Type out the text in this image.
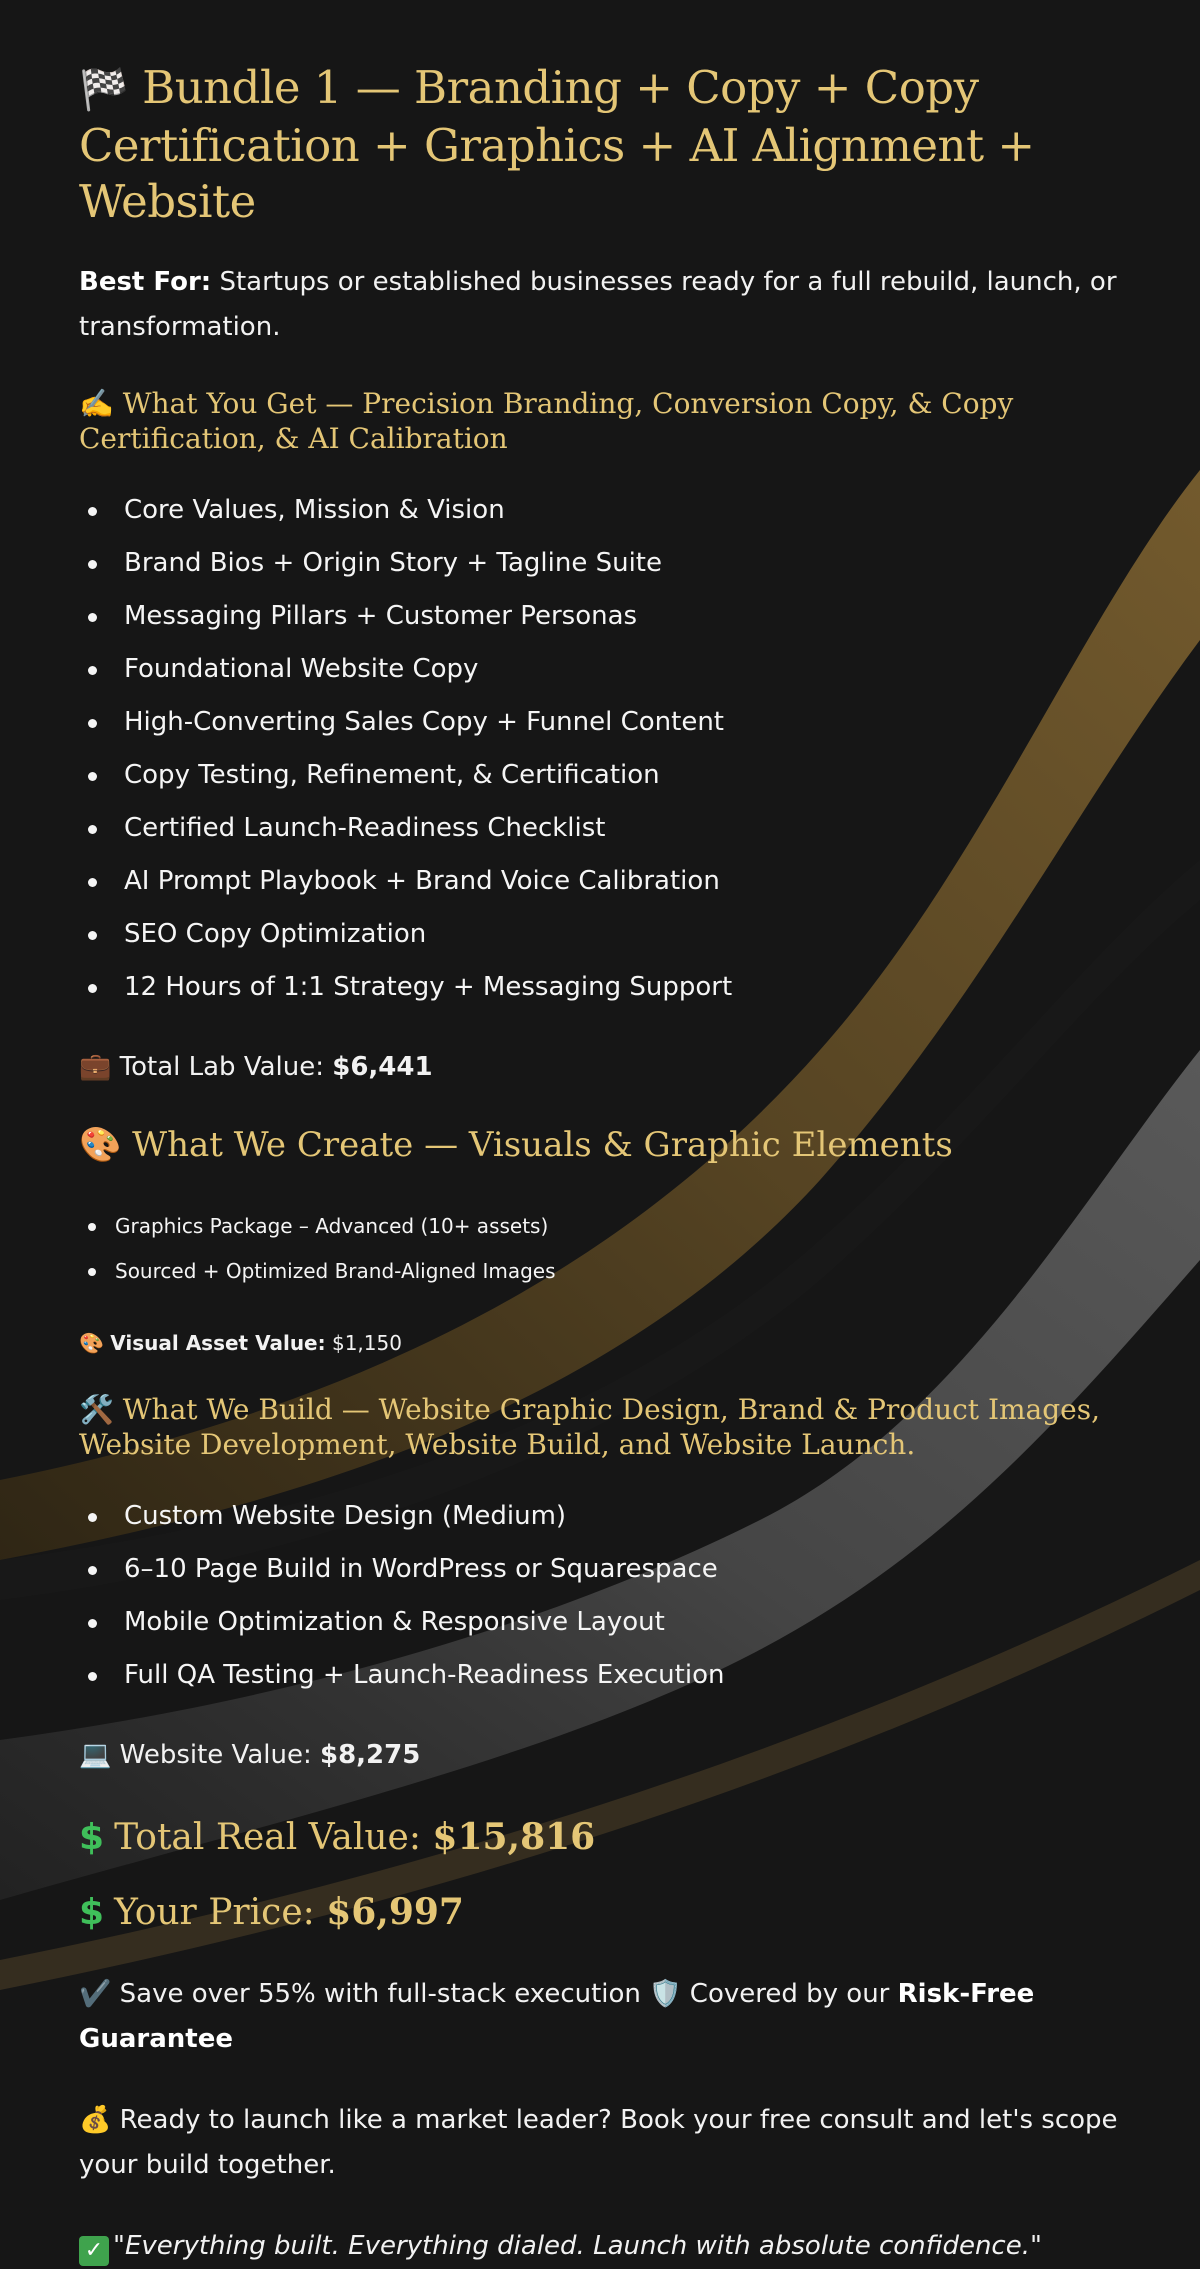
🏁 Bundle 1 — Branding + Copy + Copy Certification + Graphics + AI Alignment + Website

Best For: Startups or established businesses ready for a full rebuild, launch, or transformation.

✍️ What You Get — Precision Branding, Conversion Copy, & Copy Certification, & AI Calibration
Core Values, Mission & Vision
Brand Bios + Origin Story + Tagline Suite
Messaging Pillars + Customer Personas
Foundational Website Copy
High-Converting Sales Copy + Funnel Content
Copy Testing, Refinement, & Certification
Certified Launch-Readiness Checklist
AI Prompt Playbook + Brand Voice Calibration
SEO Copy Optimization
12 Hours of 1:1 Strategy + Messaging Support
💼 Total Lab Value: $6,441
🎨 What We Create — Visuals & Graphic Elements
Graphics Package – Advanced (10+ assets)
Sourced + Optimized Brand-Aligned Images
🎨 Visual Asset Value: $1,150
🛠️ What We Build — Website Graphic Design, Brand & Product Images, Website Development, Website Build, and Website Launch.
Custom Website Design (Medium)
6–10 Page Build in WordPress or Squarespace
Mobile Optimization & Responsive Layout
Full QA Testing + Launch-Readiness Execution
💻 Website Value: $8,275
$ Total Real Value: $15,816
$ Your Price: $6,997

✔️ Save over 55% with full-stack execution 🛡️ Covered by our Risk-Free Guarantee

💰 Ready to launch like a market leader? Book your free consult and let's scope your build together.

✓ "Everything built. Everything dialed. Launch with absolute confidence."
